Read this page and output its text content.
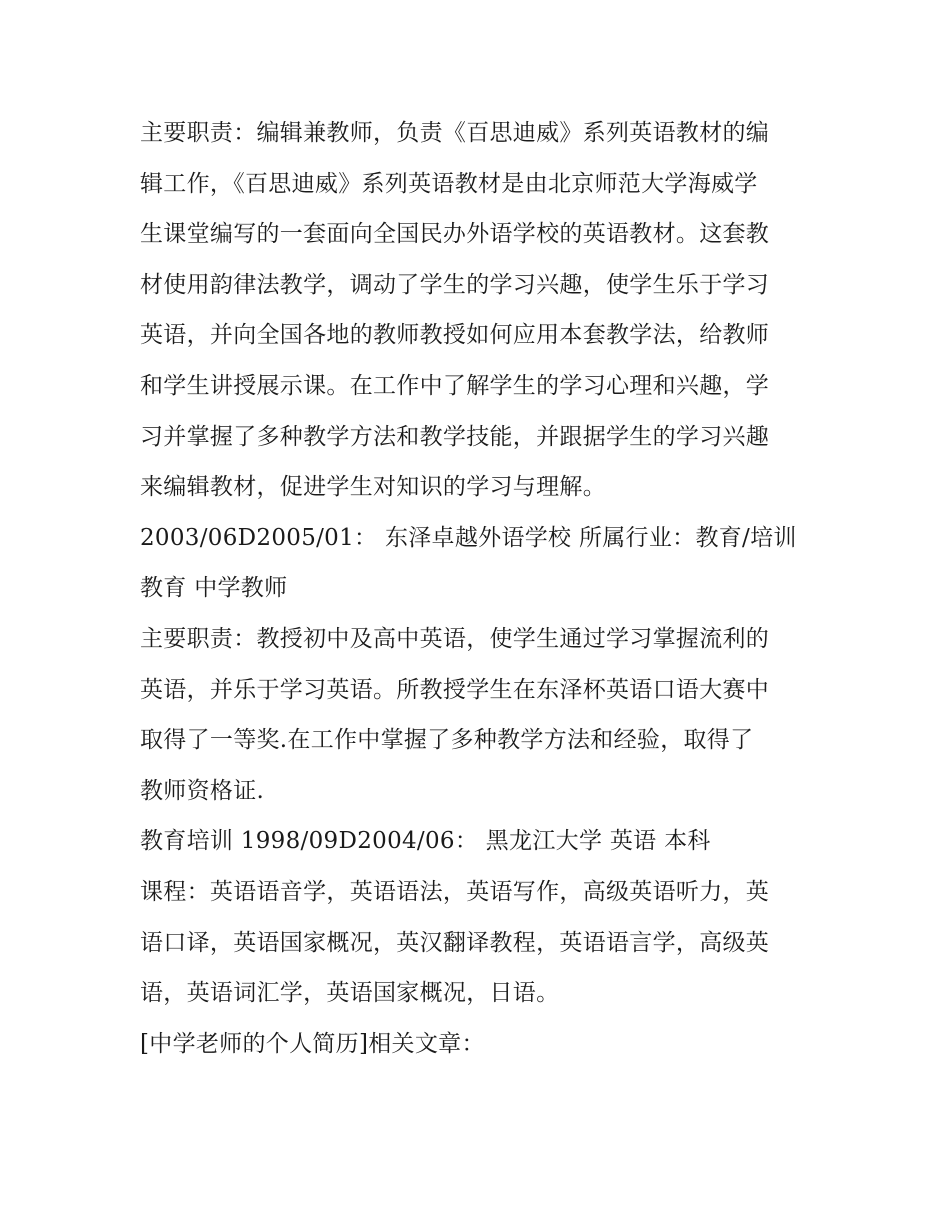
主要职责：编辑兼教师，负责《百思迪威》系列英语教材的编
辑工作，《百思迪威》系列英语教材是由北京师范大学海威学
生课堂编写的一套面向全国民办外语学校的英语教材。这套教
材使用韵律法教学，调动了学生的学习兴趣，使学生乐于学习
英语，并向全国各地的教师教授如何应用本套教学法，给教师
和学生讲授展示课。在工作中了解学生的学习心理和兴趣，学
习并掌握了多种教学方法和教学技能，并跟据学生的学习兴趣
来编辑教材，促进学生对知识的学习与理解。

2003/06D2005/01： 东泽卓越外语学校 所属行业：教育/培训
教育 中学教师

主要职责：教授初中及高中英语，使学生通过学习掌握流利的
英语，并乐于学习英语。所教授学生在东泽杯英语口语大赛中
取得了一等奖.在工作中掌握了多种教学方法和经验，取得了
教师资格证.

教育培训 1998/09D2004/06： 黑龙江大学 英语 本科

课程：英语语音学，英语语法，英语写作，高级英语听力，英
语口译，英语国家概况，英汉翻译教程，英语语言学，高级英
语，英语词汇学，英语国家概况，日语。

[中学老师的个人简历]相关文章：
